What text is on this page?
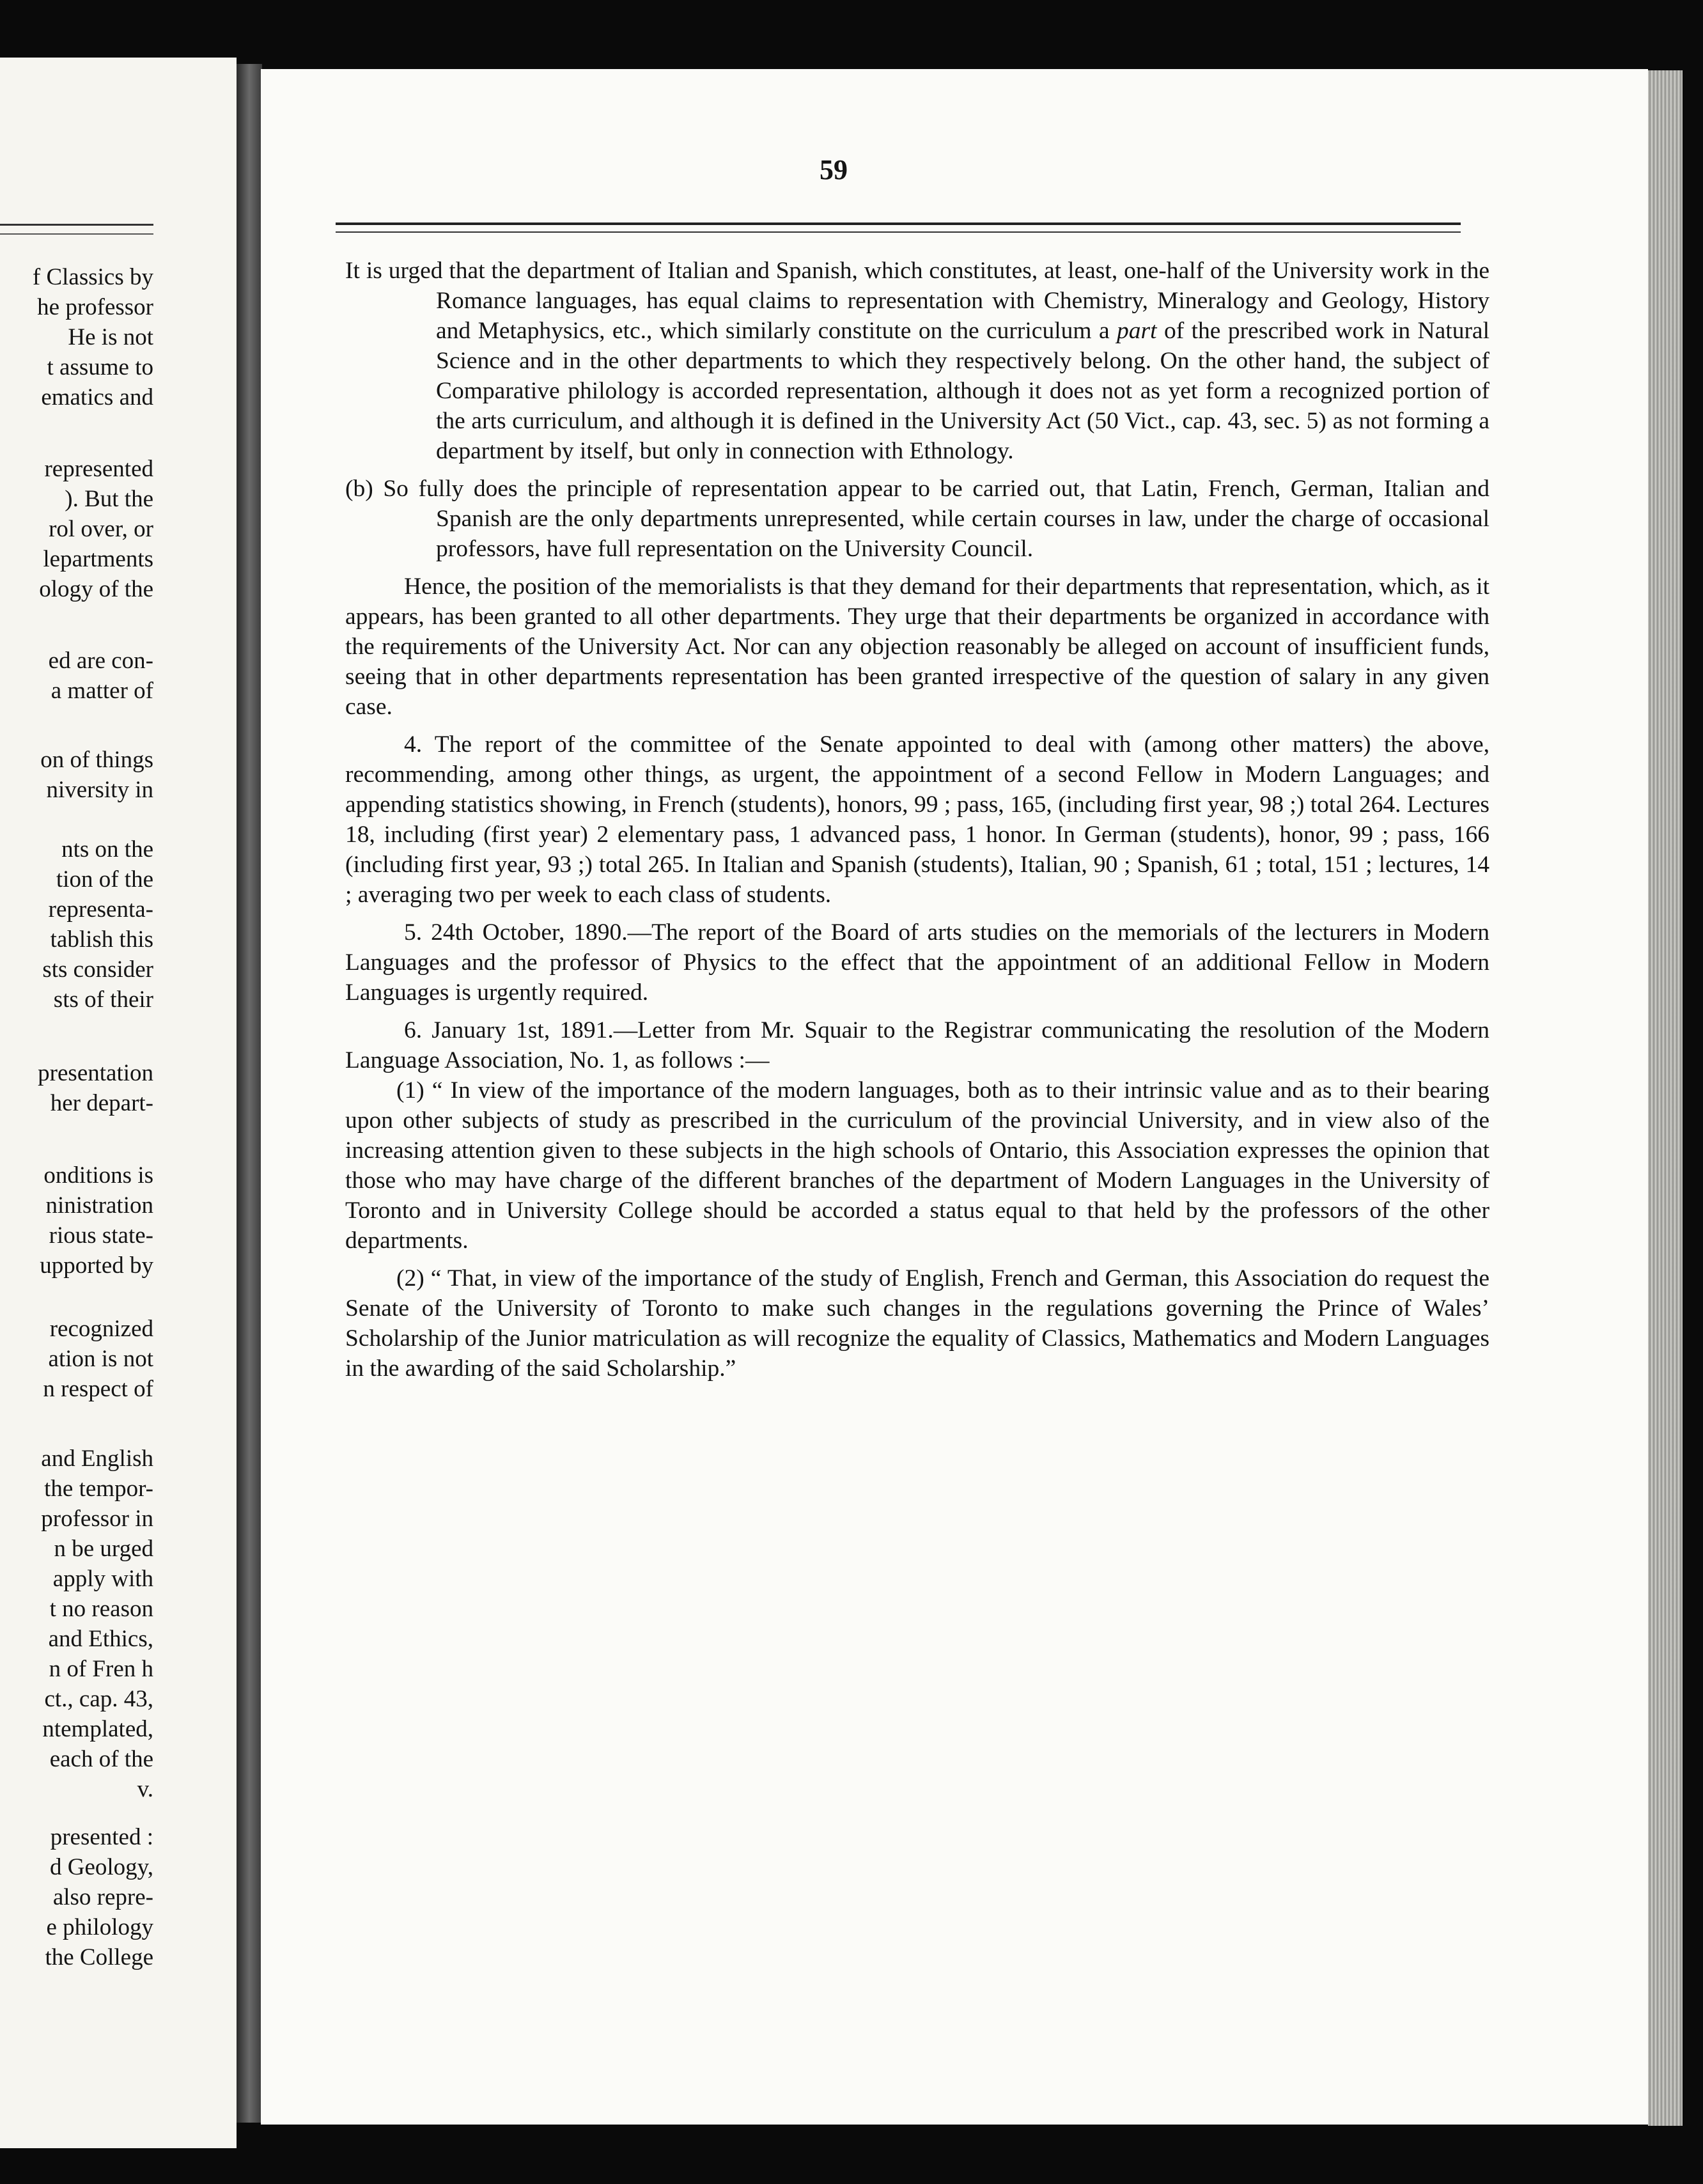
f Classics by
he professor
He is not
t assume to
ematics and
represented
). But the
rol over, or
lepartments
ology of the
ed are con-
a matter of
on of things
niversity in
nts on the
tion of the
representa-
tablish this
sts consider
sts of their
presentation
her depart-
onditions is
ninistration
rious state-
upported by
recognized
ation is not
n respect of
and English
the tempor-
professor in
n be urged
apply with
t no reason
and Ethics,
n of Fren h
ct., cap. 43,
ntemplated,
each of the
v.
presented :
d Geology,
also repre-
e philology
the College
59

It is urged that the department of Italian and Spanish, which constitutes, at least, one-half of the University work in the Romance languages, has equal claims to representation with Chemistry, Mineralogy and Geology, History and Metaphysics, etc., which similarly constitute on the curriculum a part of the prescribed work in Natural Science and in the other departments to which they respectively belong. On the other hand, the subject of Comparative philology is accorded representation, although it does not as yet form a recognized portion of the arts curriculum, and although it is defined in the University Act (50 Vict., cap. 43, sec. 5) as not forming a department by itself, but only in connection with Ethnology.

(b) So fully does the principle of representation appear to be carried out, that Latin, French, German, Italian and Spanish are the only departments unrepresented, while certain courses in law, under the charge of occasional professors, have full representation on the University Council.

Hence, the position of the memorialists is that they demand for their departments that representation, which, as it appears, has been granted to all other departments. They urge that their departments be organized in accordance with the requirements of the University Act. Nor can any objection reasonably be alleged on account of insufficient funds, seeing that in other departments representation has been granted irrespective of the question of salary in any given case.

4. The report of the committee of the Senate appointed to deal with (among other matters) the above, recommending, among other things, as urgent, the appointment of a second Fellow in Modern Languages; and appending statistics showing, in French (students), honors, 99 ; pass, 165, (including first year, 98 ;) total 264. Lectures 18, including (first year) 2 elementary pass, 1 advanced pass, 1 honor. In German (students), honor, 99 ; pass, 166 (including first year, 93 ;) total 265. In Italian and Spanish (students), Italian, 90 ; Spanish, 61 ; total, 151 ; lectures, 14 ; averaging two per week to each class of students.

5. 24th October, 1890.—The report of the Board of arts studies on the memorials of the lecturers in Modern Languages and the professor of Physics to the effect that the appointment of an additional Fellow in Modern Languages is urgently required.

6. January 1st, 1891.—Letter from Mr. Squair to the Registrar communicating the resolution of the Modern Language Association, No. 1, as follows :—

(1) “ In view of the importance of the modern languages, both as to their intrinsic value and as to their bearing upon other subjects of study as prescribed in the curriculum of the provincial University, and in view also of the increasing attention given to these subjects in the high schools of Ontario, this Association expresses the opinion that those who may have charge of the different branches of the department of Modern Languages in the University of Toronto and in University College should be accorded a status equal to that held by the professors of the other departments.

(2) “ That, in view of the importance of the study of English, French and German, this Association do request the Senate of the University of Toronto to make such changes in the regulations governing the Prince of Wales’ Scholarship of the Junior matriculation as will recognize the equality of Classics, Mathematics and Modern Languages in the awarding of the said Scholarship.”
